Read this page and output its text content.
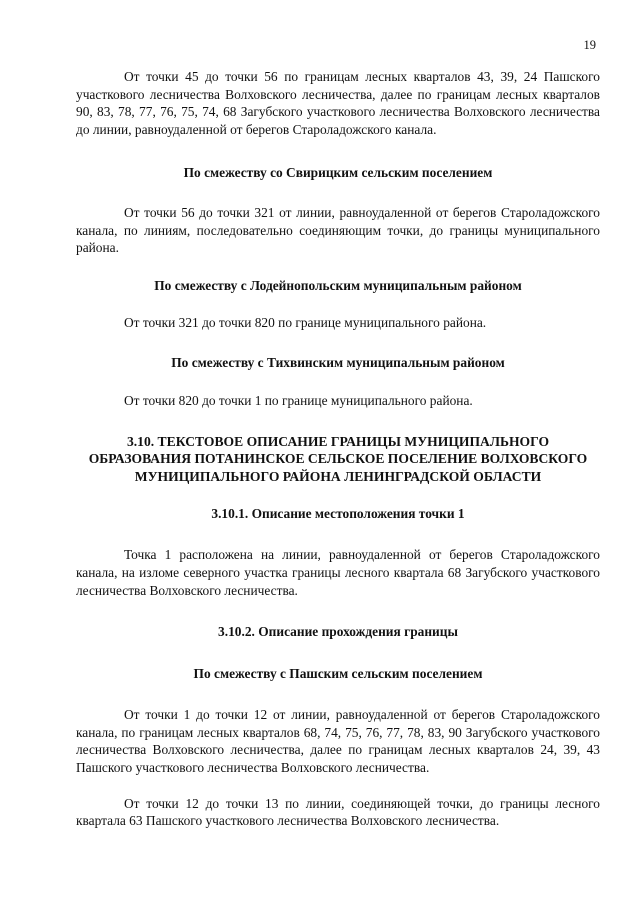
19

От точки 45 до точки 56 по границам лесных кварталов 43, 39, 24 Пашского участкового лесничества Волховского лесничества, далее по границам лесных кварталов 90, 83, 78, 77, 76, 75, 74, 68 Загубского участкового лесничества Волховского лесничества до линии, равноудаленной от берегов Староладожского канала.

По смежеству со Свирицким сельским поселением

От точки 56 до точки 321 от линии, равноудаленной от берегов Староладожского канала, по линиям, последовательно соединяющим точки, до границы муниципального района.

По смежеству с Лодейнопольским муниципальным районом

От точки 321 до точки 820 по границе муниципального района.

По смежеству с Тихвинским муниципальным районом

От точки 820 до точки 1 по границе муниципального района.

3.10. ТЕКСТОВОЕ ОПИСАНИЕ ГРАНИЦЫ МУНИЦИПАЛЬНОГО ОБРАЗОВАНИЯ ПОТАНИНСКОЕ СЕЛЬСКОЕ ПОСЕЛЕНИЕ ВОЛХОВСКОГО МУНИЦИПАЛЬНОГО РАЙОНА ЛЕНИНГРАДСКОЙ ОБЛАСТИ

3.10.1. Описание местоположения точки 1

Точка 1 расположена на линии, равноудаленной от берегов Староладожского канала, на изломе северного участка границы лесного квартала 68 Загубского участкового лесничества Волховского лесничества.

3.10.2. Описание прохождения границы

По смежеству с Пашским сельским поселением

От точки 1 до точки 12 от линии, равноудаленной от берегов Староладожского канала, по границам лесных кварталов 68, 74, 75, 76, 77, 78, 83, 90 Загубского участкового лесничества Волховского лесничества, далее по границам лесных кварталов 24, 39, 43 Пашского участкового лесничества Волховского лесничества.

От точки 12 до точки 13 по линии, соединяющей точки, до границы лесного квартала 63 Пашского участкового лесничества Волховского лесничества.
